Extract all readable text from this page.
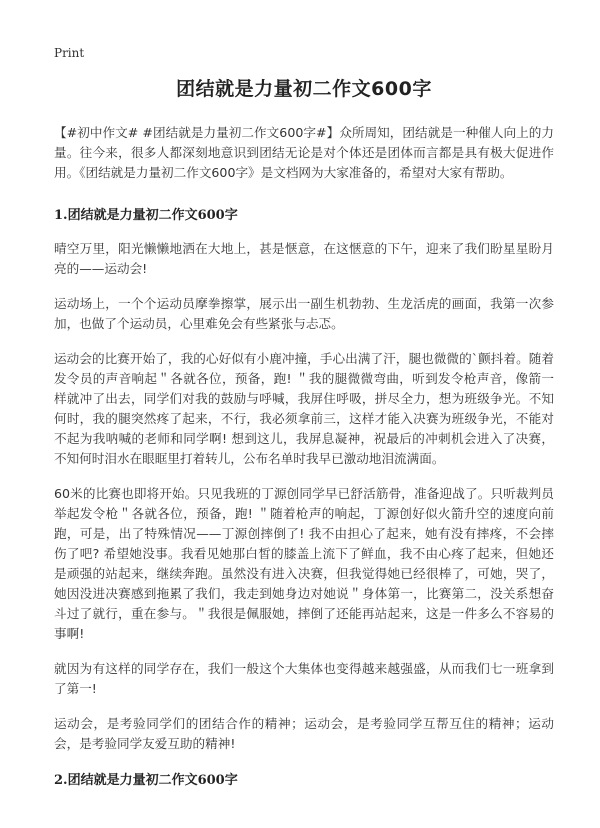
Print
团结就是力量初二作文600字

【#初中作文# #团结就是力量初二作文600字#】众所周知，团结就是一种催人向上的力量。往今来，很多人都深刻地意识到团结无论是对个体还是团体而言都是具有极大促进作用。《团结就是力量初二作文600字》是文档网为大家准备的，希望对大家有帮助。

1.团结就是力量初二作文600字

晴空万里，阳光懒懒地洒在大地上，甚是惬意，在这惬意的下午，迎来了我们盼星星盼月亮的——运动会!

运动场上，一个个运动员摩拳擦掌，展示出一副生机勃勃、生龙活虎的画面，我第一次参加，也做了个运动员，心里难免会有些紧张与忐忑。

运动会的比赛开始了，我的心好似有小鹿冲撞，手心出满了汗，腿也微微的`颤抖着。随着发令员的声音响起＂各就各位，预备，跑! ＂我的腿微微弯曲，听到发令枪声音，像箭一样就冲了出去，同学们对我的鼓励与呼喊，我屏住呼吸，拼尽全力，想为班级争光。不知何时，我的腿突然疼了起来，不行，我必须拿前三，这样才能入决赛为班级争光，不能对不起为我呐喊的老师和同学啊! 想到这儿，我屏息凝神，祝最后的冲刺机会进入了决赛，不知何时泪水在眼眶里打着转儿，公布名单时我早已激动地泪流满面。

60米的比赛也即将开始。只见我班的丁源创同学早已舒活筋骨，准备迎战了。只听裁判员举起发令枪＂各就各位，预备，跑! ＂随着枪声的响起，丁源创好似火箭升空的速度向前跑，可是，出了特殊情况——丁源创摔倒了! 我不由担心了起来，她有没有摔疼，不会摔伤了吧? 希望她没事。我看见她那白皙的膝盖上流下了鲜血，我不由心疼了起来，但她还是顽强的站起来，继续奔跑。虽然没有进入决赛，但我觉得她已经很棒了，可她，哭了，她因没进决赛感到拖累了我们，我走到她身边对她说＂身体第一，比赛第二，没关系想奋斗过了就行，重在参与。＂我很是佩服她，摔倒了还能再站起来，这是一件多么不容易的事啊!

就因为有这样的同学存在，我们一般这个大集体也变得越来越强盛，从而我们七一班拿到了第一!

运动会，是考验同学们的团结合作的精神；运动会，是考验同学互帮互住的精神；运动会，是考验同学友爱互助的精神!

2.团结就是力量初二作文600字
